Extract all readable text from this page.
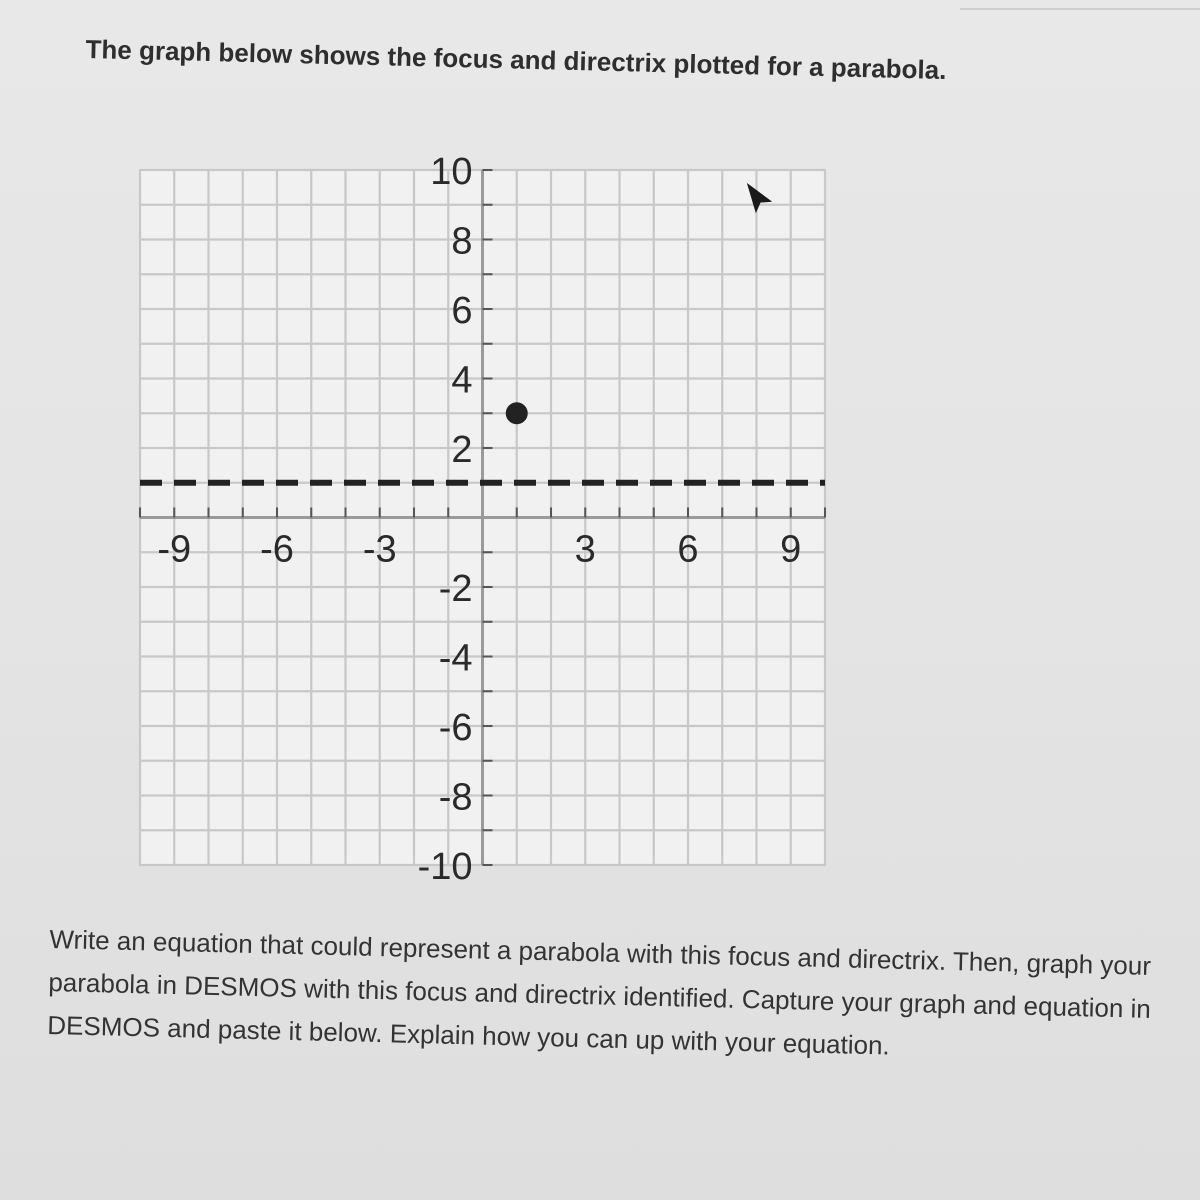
The graph below shows the focus and directrix plotted for a parabola.

-9 -6 -3	3 6 9
10
8
6
4
2
-2
-4
-6
-8
-10

Write an equation that could represent a parabola with this focus and directrix. Then, graph your parabola in DESMOS with this focus and directrix identified. Capture your graph and equation in DESMOS and paste it below. Explain how you can up with your equation.
